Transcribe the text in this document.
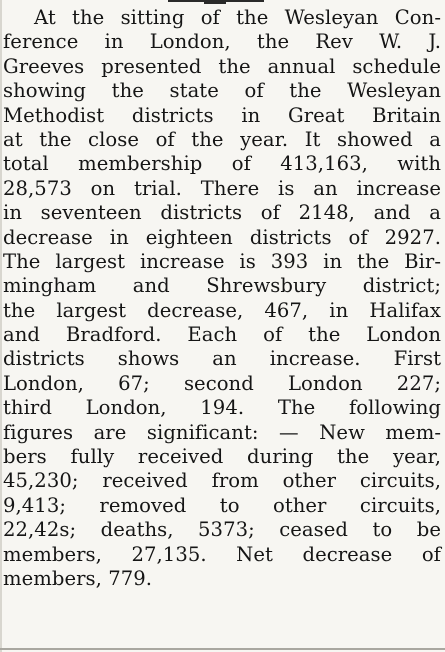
At the sitting of the Wesleyan Con-
ference in London, the Rev W. J.
Greeves presented the annual schedule
showing the state of the Wesleyan
Methodist districts in Great Britain
at the close of the year. It showed a
total membership of 413,163, with
28,573 on trial. There is an increase
in seventeen districts of 2148, and a
decrease in eighteen districts of 2927.
The largest increase is 393 in the Bir-
mingham and Shrewsbury district;
the largest decrease, 467, in Halifax
and Bradford. Each of the London
districts shows an increase. First
London, 67; second London 227;
third London, 194. The following
figures are significant: — New mem-
bers fully received during the year,
45,230; received from other circuits,
9,413; removed to other circuits,
22,42s; deaths, 5373; ceased to be
members, 27,135. Net decrease of
members, 779.
